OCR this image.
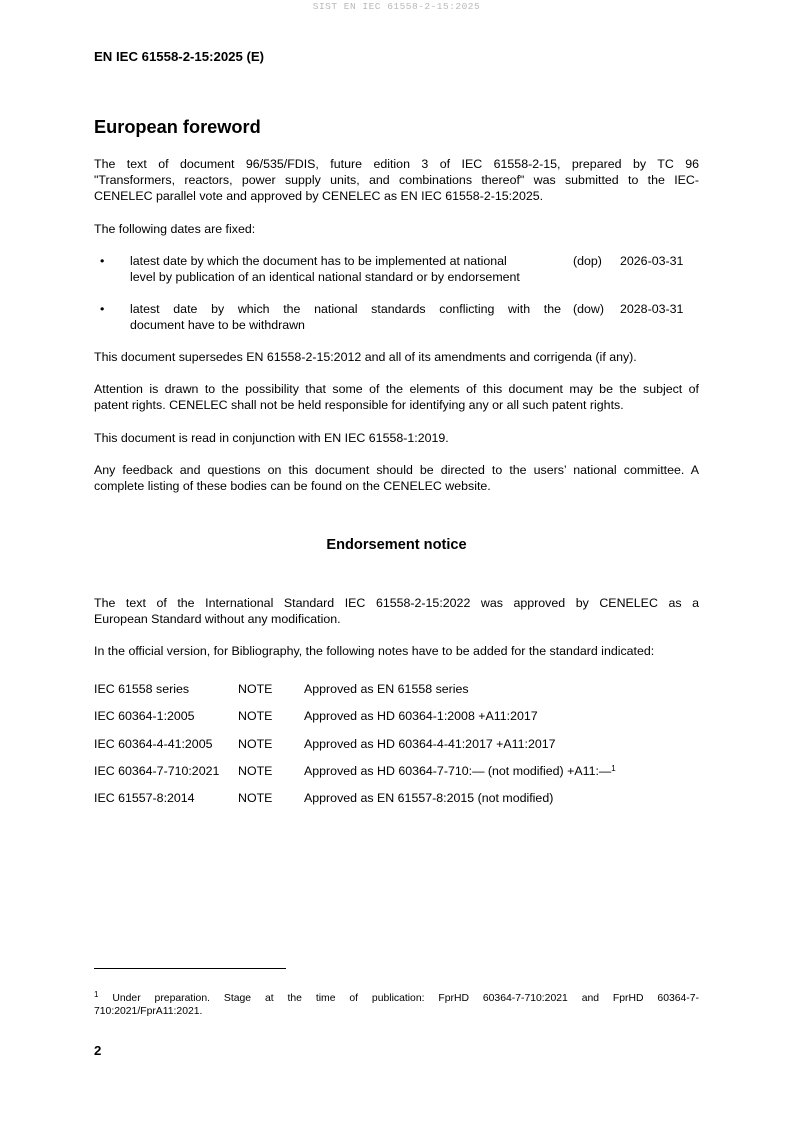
SIST EN IEC 61558-2-15:2025
EN IEC 61558-2-15:2025 (E)
European foreword
The text of document 96/535/FDIS, future edition 3 of IEC 61558-2-15, prepared by TC 96
"Transformers, reactors, power supply units, and combinations thereof" was submitted to the IEC-
CENELEC parallel vote and approved by CENELEC as EN IEC 61558-2-15:2025.
The following dates are fixed:
• latest date by which the document has to be implemented at national
level by publication of an identical national standard or by endorsement
(dop) 2026-03-31
• latest date by which the national standards conflicting with the
document have to be withdrawn
(dow) 2028-03-31
This document supersedes EN 61558-2-15:2012 and all of its amendments and corrigenda (if any).
Attention is drawn to the possibility that some of the elements of this document may be the subject of
patent rights. CENELEC shall not be held responsible for identifying any or all such patent rights.
This document is read in conjunction with EN IEC 61558-1:2019.
Any feedback and questions on this document should be directed to the users’ national committee. A
complete listing of these bodies can be found on the CENELEC website.
Endorsement notice
The text of the International Standard IEC 61558-2-15:2022 was approved by CENELEC as a
European Standard without any modification.
In the official version, for Bibliography, the following notes have to be added for the standard indicated:
IEC 61558 series	NOTE	Approved as EN 61558 series
IEC 60364-1:2005	NOTE	Approved as HD 60364-1:2008 +A11:2017
IEC 60364-4-41:2005 NOTE	Approved as HD 60364-4-41:2017 +A11:2017
IEC 60364-7-710:2021 NOTE	Approved as HD 60364-7-710:— (not modified) +A11:—$^1$
IEC 61557-8:2014	NOTE	Approved as EN 61557-8:2015 (not modified)
$^1$ Under preparation. Stage at the time of publication: FprHD 60364-7-710:2021 and FprHD 60364-7-
710:2021/FprA11:2021.
2
